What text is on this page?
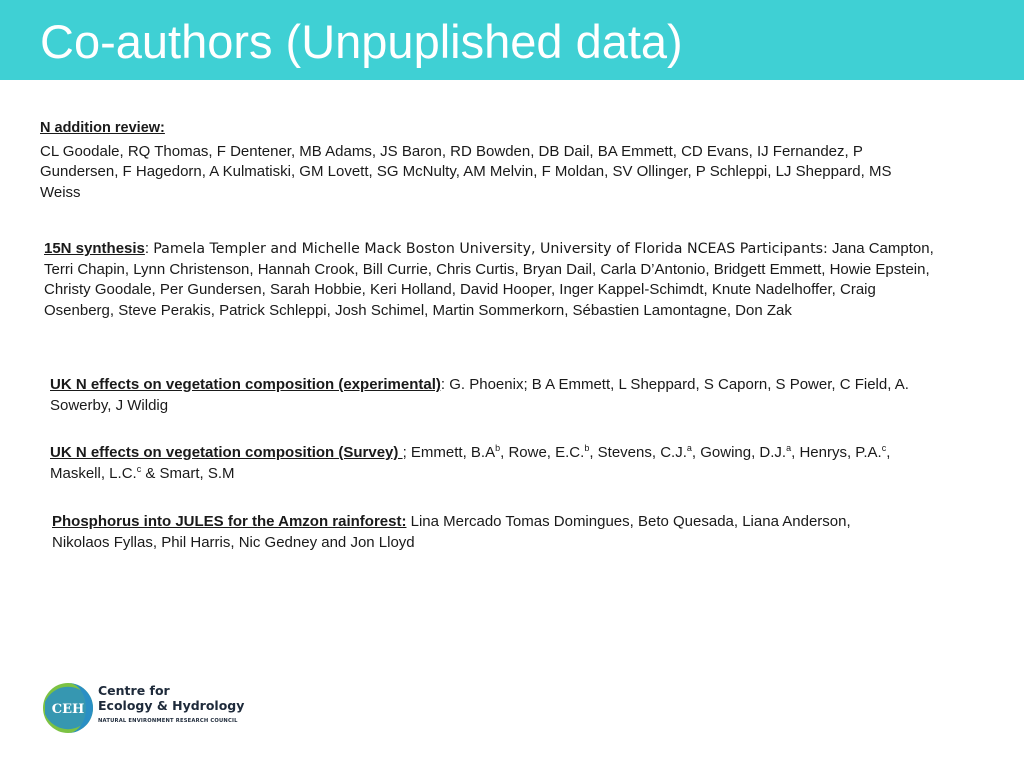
Co-authors (Unpuplished data)
N addition review:
CL Goodale, RQ Thomas, F Dentener, MB Adams, JS Baron, RD Bowden, DB Dail, BA Emmett, CD Evans, IJ Fernandez, P Gundersen, F Hagedorn, A Kulmatiski, GM Lovett, SG McNulty, AM Melvin, F Moldan, SV Ollinger, P Schleppi, LJ Sheppard, MS Weiss
15N synthesis: Pamela Templer and Michelle Mack Boston University, University of Florida NCEAS Participants: Jana Campton, Terri Chapin, Lynn Christenson, Hannah Crook, Bill Currie, Chris Curtis, Bryan Dail, Carla D’Antonio, Bridgett Emmett, Howie Epstein, Christy Goodale, Per Gundersen, Sarah Hobbie, Keri Holland, David Hooper, Inger Kappel-Schimdt, Knute Nadelhoffer, Craig Osenberg, Steve Perakis, Patrick Schleppi, Josh Schimel, Martin Sommerkorn, Sébastien Lamontagne, Don Zak
UK N effects on vegetation composition (experimental): G. Phoenix; B A Emmett, L Sheppard, S Caporn, S Power, C Field, A. Sowerby, J Wildig
UK N effects on vegetation composition (Survey) ; Emmett, $B.A^b$, Rowe, E.C.$^b$, Stevens, C.J.$^a$, Gowing, D.J.$^a$, Henrys, P.A.$^c$, Maskell, L.C.$^c$ & Smart, S.M
Phosphorus into JULES for the Amzon rainforest: Lina Mercado Tomas Domingues, Beto Quesada, Liana Anderson, Nikolaos Fyllas, Phil Harris, Nic Gedney and Jon Lloyd
CEH
Centre for
Ecology & Hydrology
NATURAL ENVIRONMENT RESEARCH COUNCIL
